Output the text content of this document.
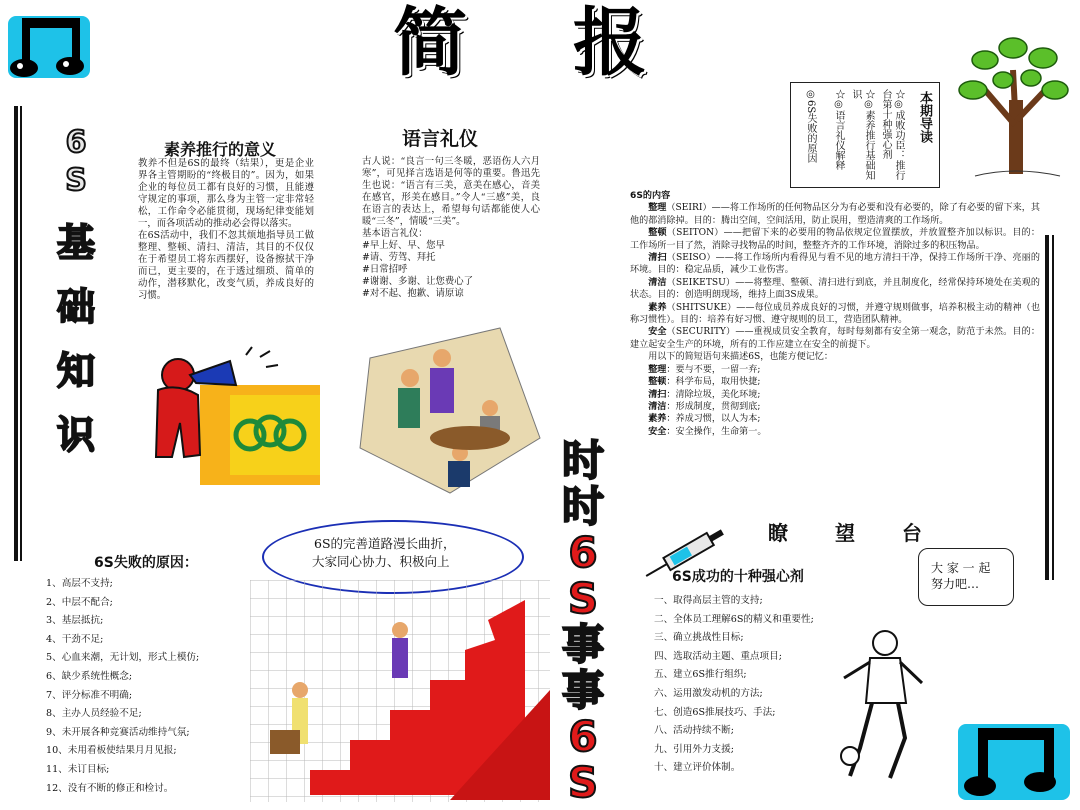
简 报
6
S
基
础
知
识
本期导读
☆◎成败功臣：推行台第十种强心剂
☆◎素养推行基础知识
☆◎语言礼仪解释
◎6S失败的原因
素养推行的意义
教养不但是6S的最终（结果），更是企业界各主管期盼的“终极目的”。因为，如果企业的每位员工都有良好的习惯，且能遵守规定的事项，那么身为主管一定非常轻松，工作命令必能贯彻，现场纪律变能划一，而各项活动的推动必会得以落实。
在6S活动中，我们不忽其烦地指导员工做整理、整顿、清扫、清洁，其目的不仅仅在于希望员工将东西摆好，设备擦拭干净而已，更主要的，在于透过细琐、简单的动作，潜移默化，改变气质，养成良好的习惯。
语言礼仪
古人说：“良言一句三冬暖，恶语伤人六月寒”，可见择言选语是何等的重要。鲁迅先生也说：“语言有三美，意美在感心，音美在感官，形美在感目。”令人“三感”美，良在语言的表达上，希望每句话都能使人心暖“三冬”，情暖“三美”。
基本语言礼仪：
#早上好、早、您早
#请、劳驾、拜托
#日常招呼
#谢谢、多谢、让您费心了
#对不起、抱歉、请原谅
时
时
6
S
事
事
6
S
6S的内容
整理（SEIRI）——将工作场所的任何物品区分为有必要和没有必要的，除了有必要的留下来，其他的都消除掉。目的：腾出空间，空间活用，防止误用，塑造清爽的工作场所。
整顿（SEITON）——把留下来的必要用的物品依规定位置摆放，并放置整齐加以标识。目的：工作场所一目了然，消除寻找物品的时间，整整齐齐的工作环境，消除过多的积压物品。
清扫（SEISO）——将工作场所内看得见与看不见的地方清扫干净，保持工作场所干净、亮丽的环境。目的：稳定品质，减少工业伤害。
清洁（SEIKETSU）——将整理、整顿、清扫进行到底，并且制度化，经常保持环境处在美观的状态。目的：创造明朗现场，维持上面3S成果。
素养（SHITSUKE）——每位成员养成良好的习惯，并遵守规则做事，培养积极主动的精神（也称习惯性）。目的：培养有好习惯、遵守规则的员工，营造团队精神。
安全（SECURITY）——重视成员安全教育，每时每刻都有安全第一观念，防范于未然。目的：建立起安全生产的环境，所有的工作应建立在安全的前提下。
用以下的简短语句来描述6S，也能方便记忆：
整理：要与不要，一留一弃;
整顿：科学布局，取用快捷;
清扫：清除垃圾，美化环境;
清洁：形成制度，贯彻到底;
素养：养成习惯，以人为本;
安全：安全操作，生命第一。
6S的完善道路漫长曲折，
大家同心协力、积极向上
6S失败的原因：
1、高层不支持;
2、中层不配合;
3、基层抵抗;
4、干劲不足;
5、心血来潮，无计划，形式上模仿;
6、缺少系统性概念;
7、评分标准不明确;
8、主办人员经验不足;
9、未开展各种竞赛活动维持气氛;
10、未用看板使结果月月见报;
11、未订目标;
12、没有不断的修正和检讨。
瞭 望 台
大 家 一 起
努力吧…
6S成功的十种强心剂
一、取得高层主管的支持;
二、全体员工理解6S的精义和重要性;
三、确立挑战性目标;
四、选取活动主题、重点项目;
五、建立6S推行组织;
六、运用激发动机的方法;
七、创造6S推展技巧、手法;
八、活动持续不断;
九、引用外力支援;
十、建立评价体制。
